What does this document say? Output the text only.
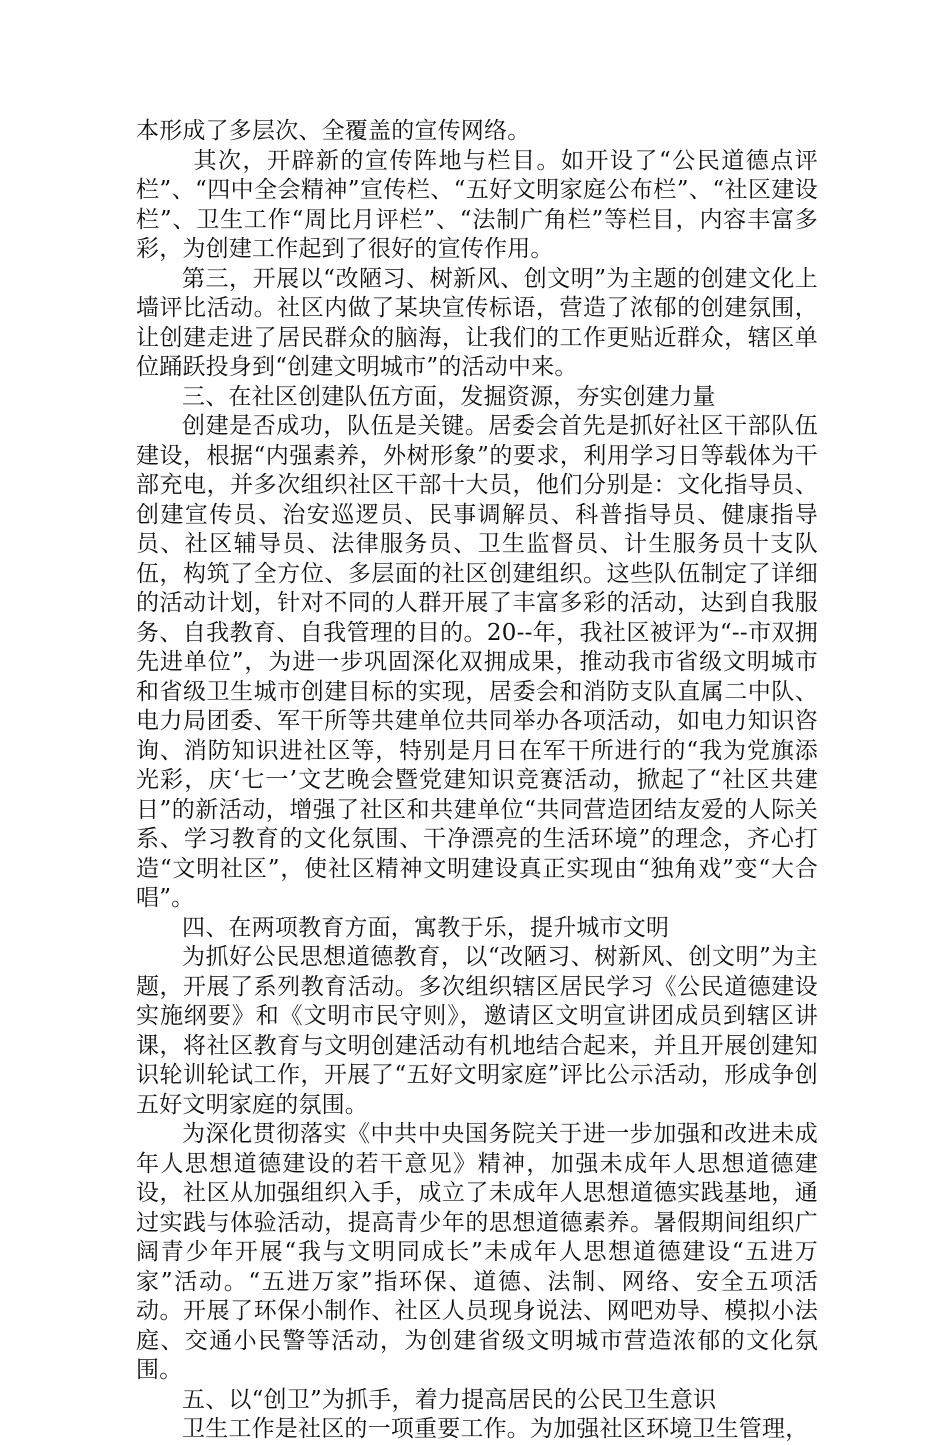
本形成了多层次、全覆盖的宣传网络。

其次，开辟新的宣传阵地与栏目。如开设了“公民道德点评栏”、“四中全会精神”宣传栏、“五好文明家庭公布栏”、“社区建设栏”、卫生工作“周比月评栏”、“法制广角栏”等栏目，内容丰富多彩，为创建工作起到了很好的宣传作用。

第三，开展以“改陋习、树新风、创文明”为主题的创建文化上墙评比活动。社区内做了某块宣传标语，营造了浓郁的创建氛围，让创建走进了居民群众的脑海，让我们的工作更贴近群众，辖区单位踊跃投身到“创建文明城市”的活动中来。

三、在社区创建队伍方面，发掘资源，夯实创建力量

创建是否成功，队伍是关键。居委会首先是抓好社区干部队伍建设，根据“内强素养，外树形象”的要求，利用学习日等载体为干部充电，并多次组织社区干部十大员，他们分别是：文化指导员、创建宣传员、治安巡逻员、民事调解员、科普指导员、健康指导员、社区辅导员、法律服务员、卫生监督员、计生服务员十支队伍，构筑了全方位、多层面的社区创建组织。这些队伍制定了详细的活动计划，针对不同的人群开展了丰富多彩的活动，达到自我服务、自我教育、自我管理的目的。20--年，我社区被评为“--市双拥先进单位”，为进一步巩固深化双拥成果，推动我市省级文明城市和省级卫生城市创建目标的实现，居委会和消防支队直属二中队、电力局团委、军干所等共建单位共同举办各项活动，如电力知识咨询、消防知识进社区等，特别是月日在军干所进行的“我为党旗添光彩，庆‘七一’文艺晚会暨党建知识竞赛活动，掀起了“社区共建日”的新活动，增强了社区和共建单位“共同营造团结友爱的人际关系、学习教育的文化氛围、干净漂亮的生活环境”的理念，齐心打造“文明社区”，使社区精神文明建设真正实现由“独角戏”变“大合唱”。

四、在两项教育方面，寓教于乐，提升城市文明

为抓好公民思想道德教育，以“改陋习、树新风、创文明”为主题，开展了系列教育活动。多次组织辖区居民学习《公民道德建设实施纲要》和《文明市民守则》，邀请区文明宣讲团成员到辖区讲课，将社区教育与文明创建活动有机地结合起来，并且开展创建知识轮训轮试工作，开展了“五好文明家庭”评比公示活动，形成争创五好文明家庭的氛围。

为深化贯彻落实《中共中央国务院关于进一步加强和改进未成年人思想道德建设的若干意见》精神，加强未成年人思想道德建设，社区从加强组织入手，成立了未成年人思想道德实践基地，通过实践与体验活动，提高青少年的思想道德素养。暑假期间组织广阔青少年开展“我与文明同成长”未成年人思想道德建设“五进万家”活动。“五进万家”指环保、道德、法制、网络、安全五项活动。开展了环保小制作、社区人员现身说法、网吧劝导、模拟小法庭、交通小民警等活动，为创建省级文明城市营造浓郁的文化氛围。

五、以“创卫”为抓手，着力提高居民的公民卫生意识

卫生工作是社区的一项重要工作。为加强社区环境卫生管理，
